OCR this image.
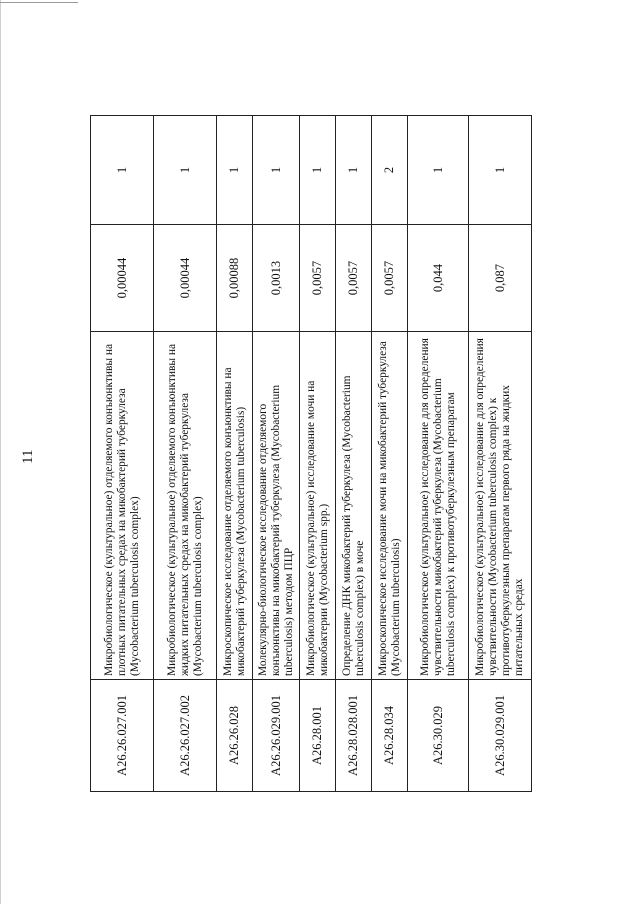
11
A26.26.027.001	Микробиологическое (культуральное) отделяемого конъюнктивы на плотных питательных средах на микобактерий туберкулеза (Mycobacterium tuberculosis complex)	0,00044	1
A26.26.027.002	Микробиологическое (культуральное) отделяемого конъюнктивы на жидких питательных средах на микобактерий туберкулеза (Mycobacterium tuberculosis complex)	0,00044	1
A26.26.028	Микроскопическое исследование отделяемого конъюнктивы на микобактерий туберкулеза (Mycobacterium tuberculosis)	0,00088	1
A26.26.029.001	Молекулярно-биологическое исследование отделяемого конъюнктивы на микобактерий туберкулеза (Mycobacterium tuberculosis) методом ПЦР	0,0013	1
A26.28.001	Микробиологическое (культуральное) исследование мочи на микобактерии (Mycobacterium spp.)	0,0057	1
A26.28.028.001	Определение ДНК микобактерий туберкулеза (Mycobacterium tuberculosis complex) в моче	0,0057	1
A26.28.034	Микроскопическое исследование мочи на микобактерий туберкулеза (Mycobacterium tuberculosis)	0,0057	2
A26.30.029	Микробиологическое (культуральное) исследование для определения чувствительности микобактерий туберкулеза (Mycobacterium tuberculosis complex) к противотуберкулезным препаратам	0,044	1
A26.30.029.001	Микробиологическое (культуральное) исследование для определения чувствительности (Mycobacterium tuberculosis complex) к противотуберкулезным препаратам первого ряда на жидких питательных средах	0,087	1
